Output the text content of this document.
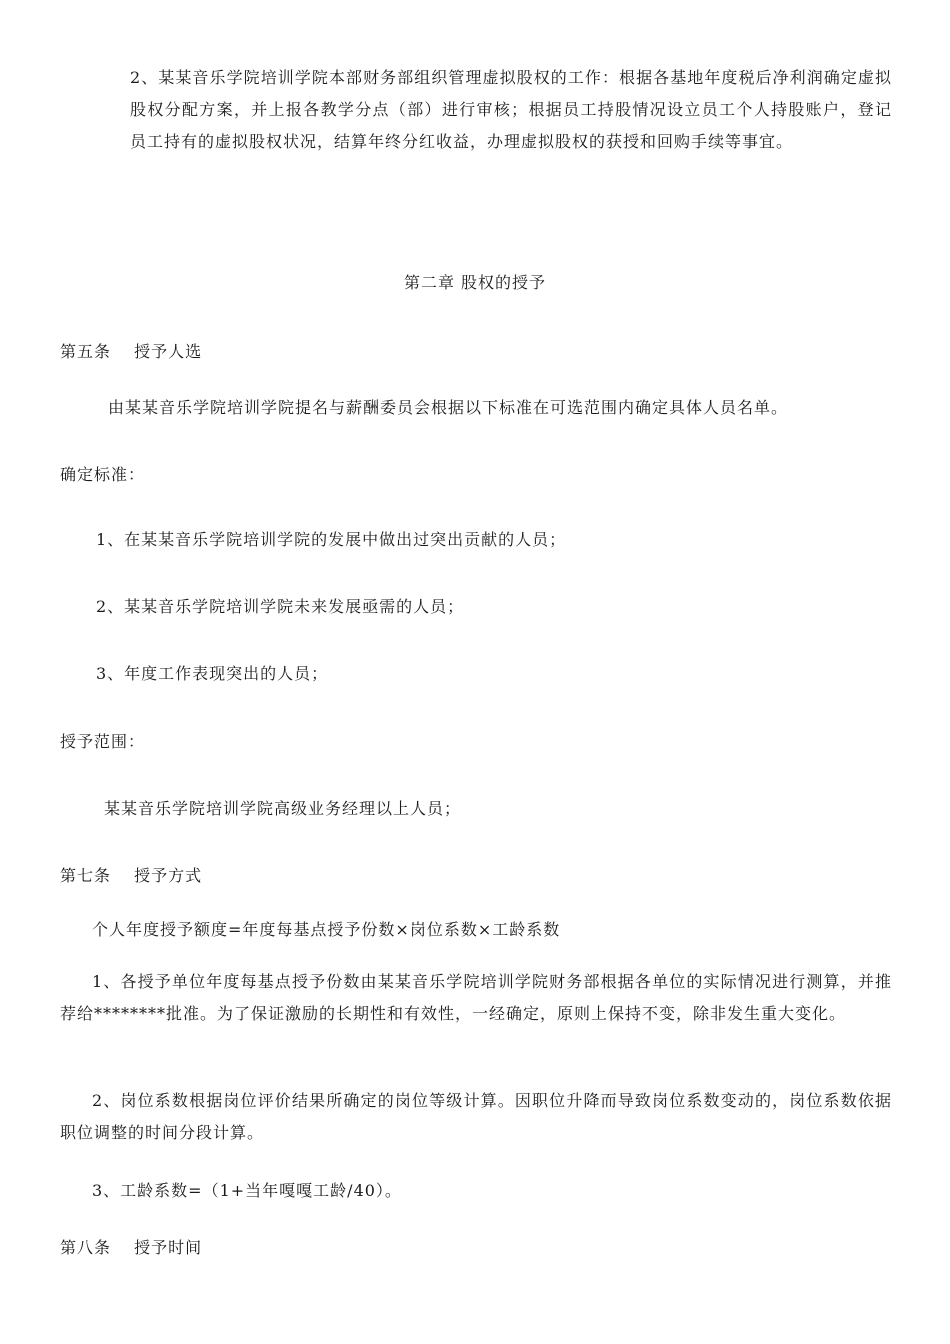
2、某某音乐学院培训学院本部财务部组织管理虚拟股权的工作：根据各基地年度税后净利润确定虚拟股权分配方案，并上报各教学分点（部）进行审核；根据员工持股情况设立员工个人持股账户，登记员工持有的虚拟股权状况，结算年终分红收益，办理虚拟股权的获授和回购手续等事宜。

第二章 股权的授予

第五条　 授予人选

由某某音乐学院培训学院提名与薪酬委员会根据以下标准在可选范围内确定具体人员名单。

确定标准：

1、在某某音乐学院培训学院的发展中做出过突出贡献的人员；

2、某某音乐学院培训学院未来发展亟需的人员；

3、年度工作表现突出的人员；

授予范围：

某某音乐学院培训学院高级业务经理以上人员；

第七条　 授予方式

个人年度授予额度=年度每基点授予份数×岗位系数×工龄系数

1、各授予单位年度每基点授予份数由某某音乐学院培训学院财务部根据各单位的实际情况进行测算，并推荐给********批准。为了保证激励的长期性和有效性，一经确定，原则上保持不变，除非发生重大变化。

2、岗位系数根据岗位评价结果所确定的岗位等级计算。因职位升降而导致岗位系数变动的，岗位系数依据职位调整的时间分段计算。

3、工龄系数=（1+当年嘎嘎工龄/40）。

第八条　 授予时间
